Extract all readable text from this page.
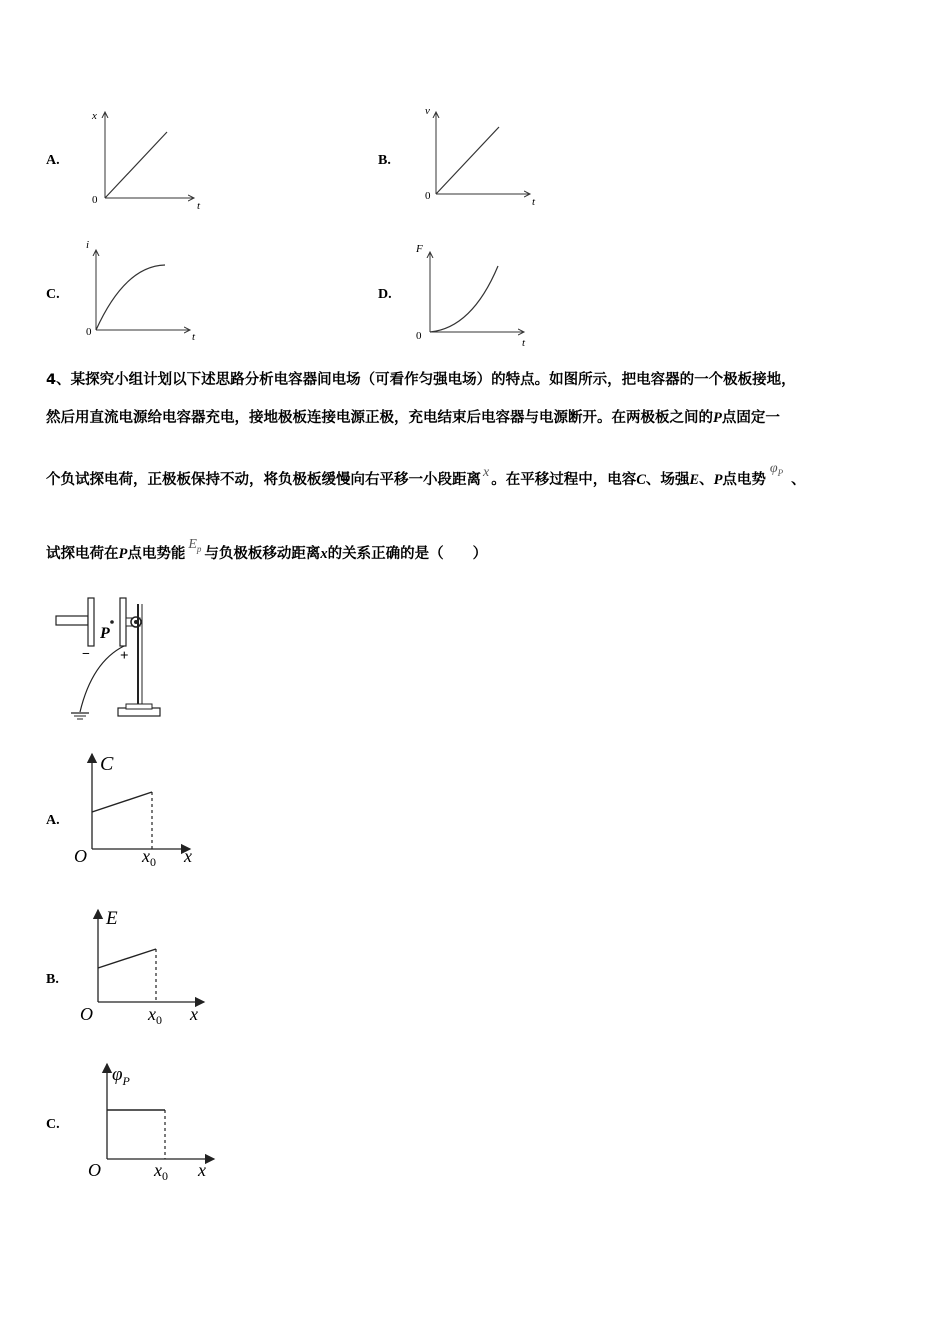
A.
x
0	t
B.
v
0	t
C.
i
0	t
D.
F
0
t
4、某探究小组计划以下述思路分析电容器间电场（可看作匀强电场）的特点。如图所示，把电容器的一个极板接地，
然后用直流电源给电容器充电，接地极板连接电源正极，充电结束后电容器与电源断开。在两极板之间的P点固定一
个负试探电荷，正极板保持不动，将负极板缓慢向右平移一小段距离 x 。在平移过程中，电容C、场强E、P点电势$\varphi^P$ 、
试探电荷在P点电势能$E^p$ 与负极板移动距离x的关系正确的是（　　）
P
− +
A.
C
O	$x_0$ x
B.
E
O	$x_0$ x
C.
$\varphi_P$
O	$x_0$ x
